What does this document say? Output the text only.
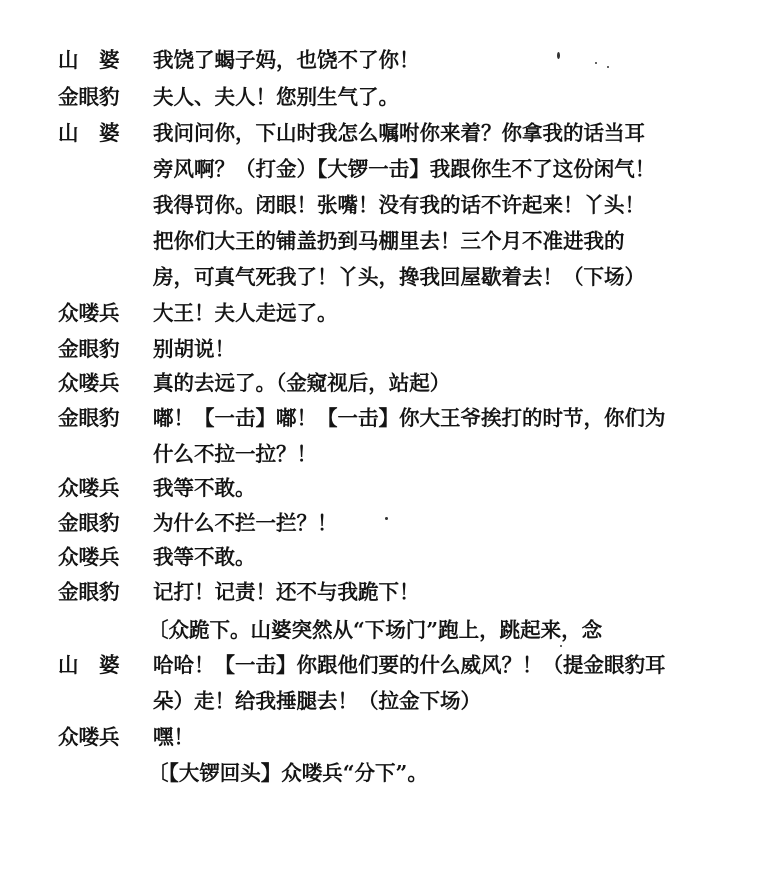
山　婆	我饶了蝎子妈，也饶不了你！
金眼豹	夫人、夫人！您别生气了。
山　婆	我问问你，下山时我怎么嘱咐你来着？你拿我的话当耳
旁风啊？（打金）【大锣一击】我跟你生不了这份闲气！
我得罚你。闭眼！张嘴！没有我的话不许起来！丫头！
把你们大王的铺盖扔到马棚里去！三个月不准进我的
房，可真气死我了！丫头，搀我回屋歇着去！（下场）
众喽兵	大王！夫人走远了。
金眼豹	别胡说！
众喽兵	真的去远了。（金窥视后，站起）
金眼豹	嘟！【一击】嘟！【一击】你大王爷挨打的时节，你们为
什么不拉一拉？！
众喽兵	我等不敢。
金眼豹	为什么不拦一拦？！
众喽兵	我等不敢。
金眼豹	记打！记责！还不与我跪下！
〔众跪下。山婆突然从“下场门”跑上，跳起来，念
山　婆	哈哈！【一击】你跟他们要的什么威风？！（提金眼豹耳
朵）走！给我捶腿去！（拉金下场）
众喽兵	嘿！
〔【大锣回头】众喽兵“分下”。
